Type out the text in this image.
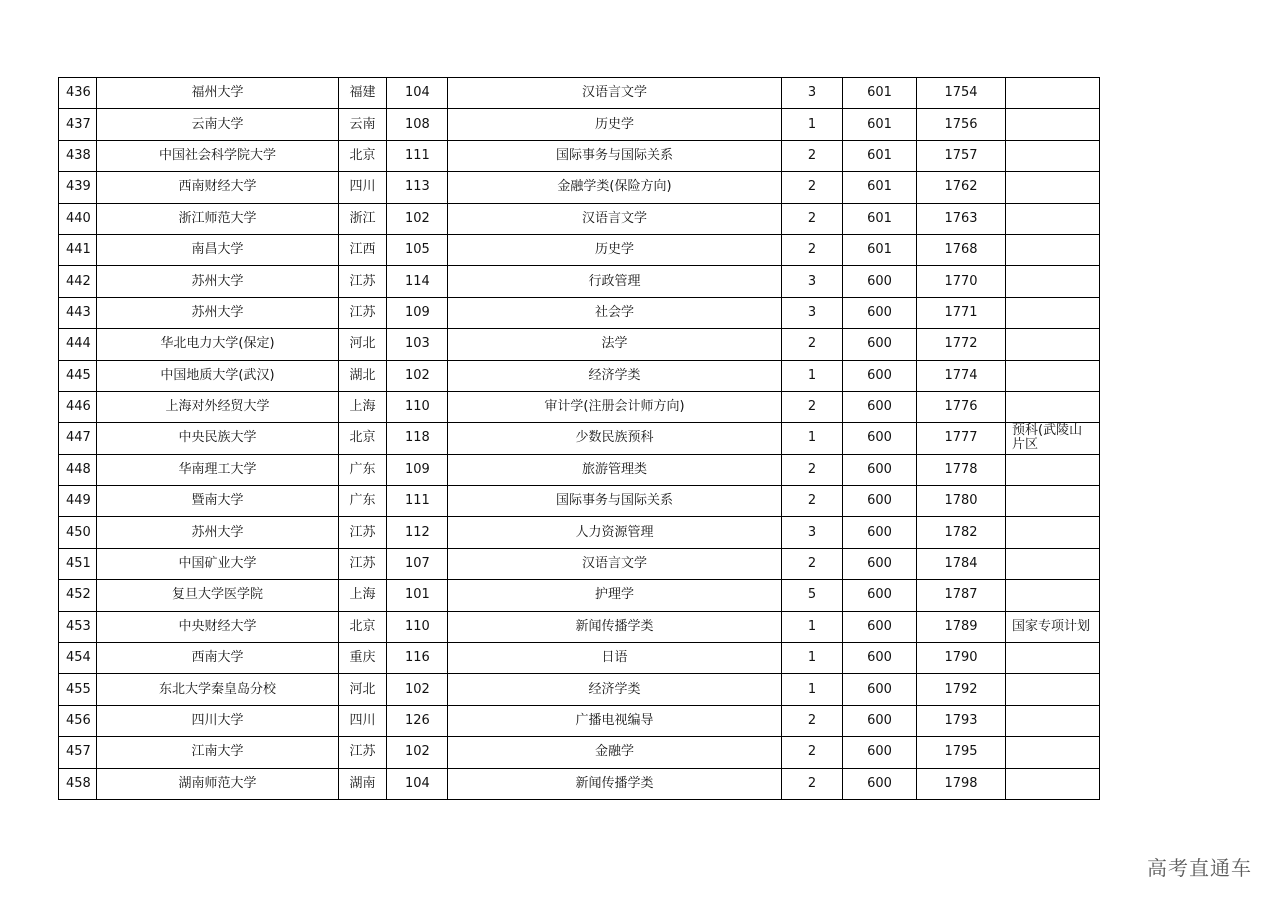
436	福州大学	福建	104	汉语言文学	3	601	1754	
437	云南大学	云南	108	历史学	1	601	1756	
438	中国社会科学院大学	北京	111	国际事务与国际关系	2	601	1757	
439	西南财经大学	四川	113	金融学类(保险方向)	2	601	1762	
440	浙江师范大学	浙江	102	汉语言文学	2	601	1763	
441	南昌大学	江西	105	历史学	2	601	1768	
442	苏州大学	江苏	114	行政管理	3	600	1770	
443	苏州大学	江苏	109	社会学	3	600	1771	
444	华北电力大学(保定)	河北	103	法学	2	600	1772	
445	中国地质大学(武汉)	湖北	102	经济学类	1	600	1774	
446	上海对外经贸大学	上海	110	审计学(注册会计师方向)	2	600	1776	
447	中央民族大学	北京	118	少数民族预科	1	600	1777	预科(武陵山片区
448	华南理工大学	广东	109	旅游管理类	2	600	1778	
449	暨南大学	广东	111	国际事务与国际关系	2	600	1780	
450	苏州大学	江苏	112	人力资源管理	3	600	1782	
451	中国矿业大学	江苏	107	汉语言文学	2	600	1784	
452	复旦大学医学院	上海	101	护理学	5	600	1787	
453	中央财经大学	北京	110	新闻传播学类	1	600	1789	国家专项计划
454	西南大学	重庆	116	日语	1	600	1790	
455	东北大学秦皇岛分校	河北	102	经济学类	1	600	1792	
456	四川大学	四川	126	广播电视编导	2	600	1793	
457	江南大学	江苏	102	金融学	2	600	1795	
458	湖南师范大学	湖南	104	新闻传播学类	2	600	1798	
高考直通车
